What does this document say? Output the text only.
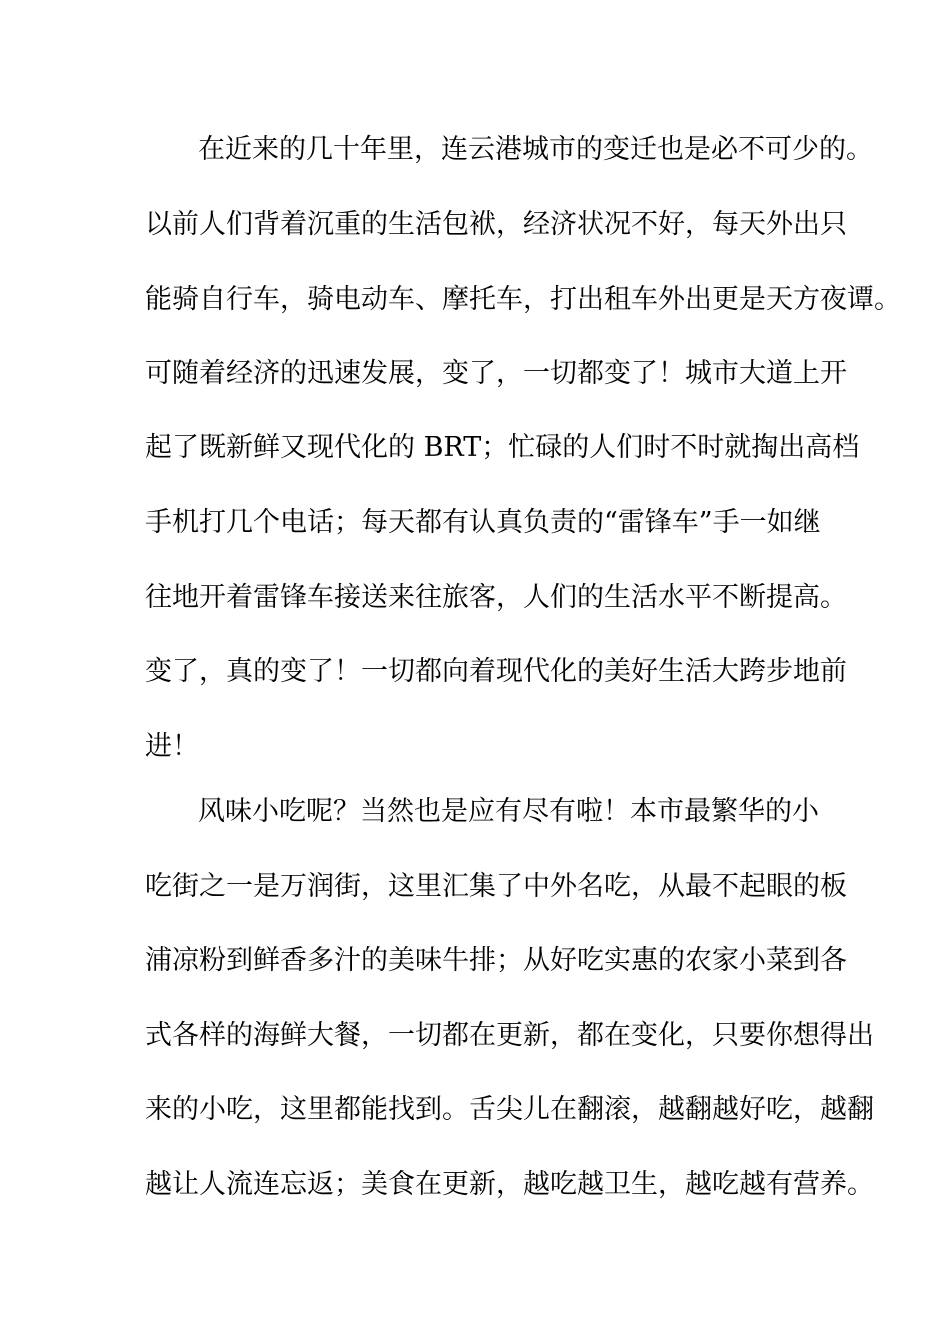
在近来的几十年里，连云港城市的变迁也是必不可少的。
以前人们背着沉重的生活包袱，经济状况不好，每天外出只
能骑自行车，骑电动车、摩托车，打出租车外出更是天方夜谭。
可随着经济的迅速发展，变了，一切都变了！城市大道上开
起了既新鲜又现代化的 BRT；忙碌的人们时不时就掏出高档
手机打几个电话；每天都有认真负责的“雷锋车”手一如继
往地开着雷锋车接送来往旅客，人们的生活水平不断提高。
变了，真的变了！一切都向着现代化的美好生活大跨步地前
进！
风味小吃呢？当然也是应有尽有啦！本市最繁华的小
吃街之一是万润街，这里汇集了中外名吃，从最不起眼的板
浦凉粉到鲜香多汁的美味牛排；从好吃实惠的农家小菜到各
式各样的海鲜大餐，一切都在更新，都在变化，只要你想得出
来的小吃，这里都能找到。舌尖儿在翻滚，越翻越好吃，越翻
越让人流连忘返；美食在更新，越吃越卫生，越吃越有营养。
